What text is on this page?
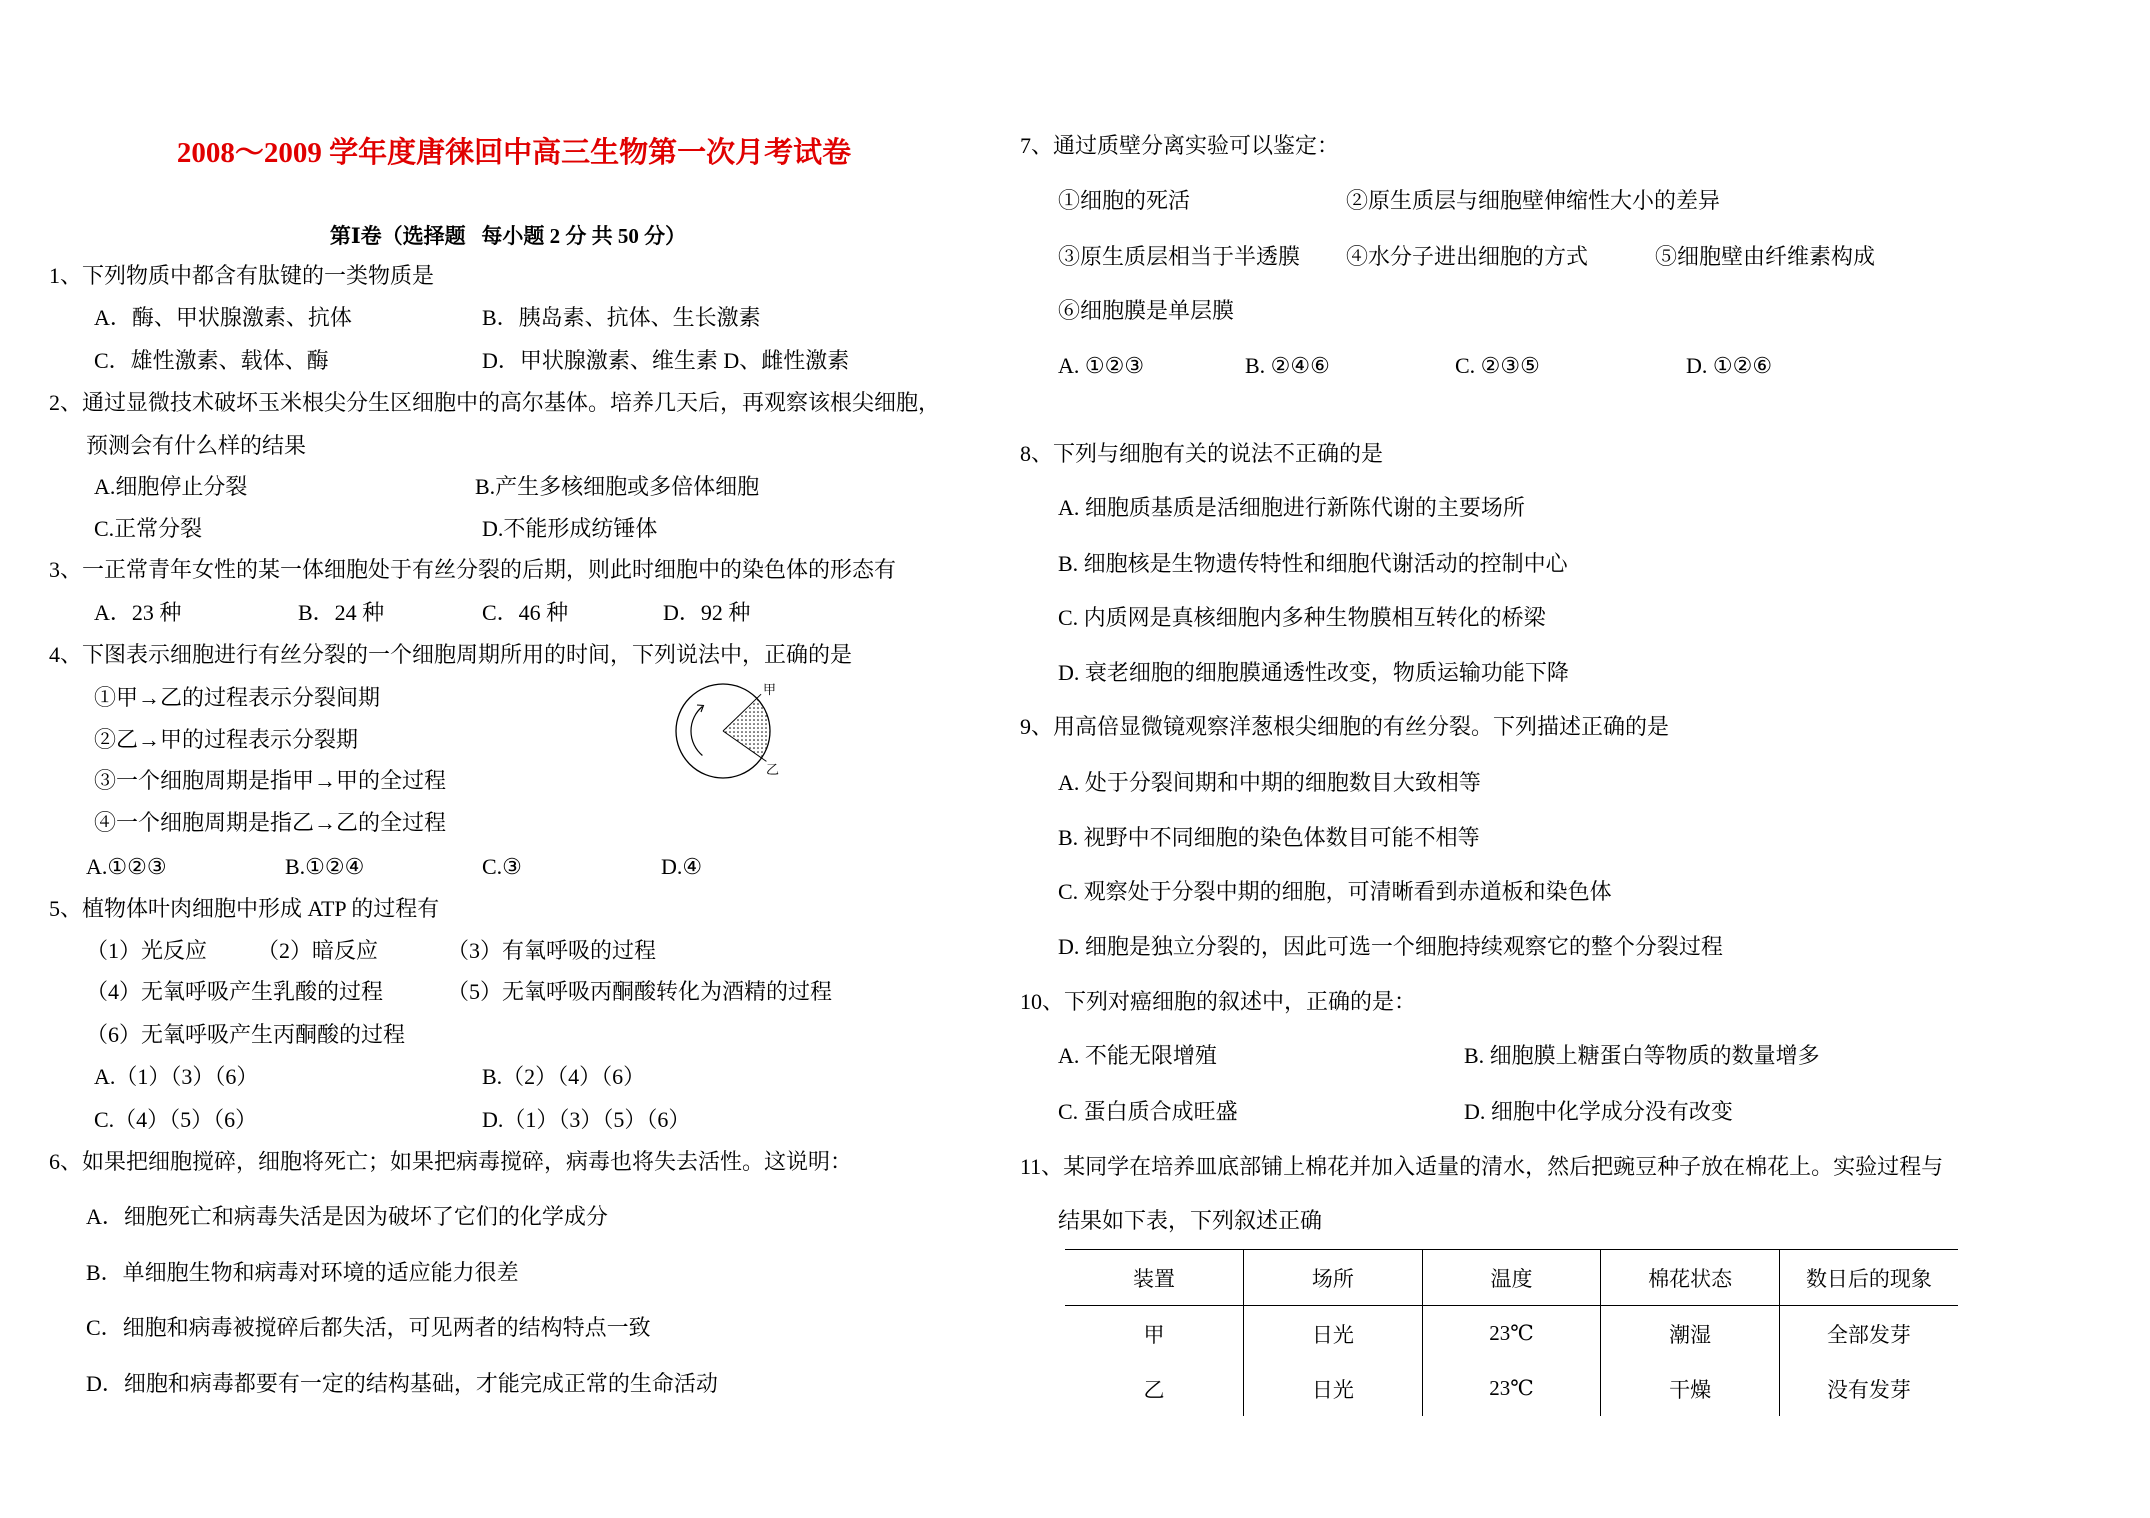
2008～2009 学年度唐徕回中高三生物第一次月考试卷
第Ⅰ卷（选择题   每小题 2 分 共 50 分）
1、下列物质中都含有肽键的一类物质是
A．酶、甲状腺激素、抗体	B．胰岛素、抗体、生长激素
C．雄性激素、载体、酶	D．甲状腺激素、维生素 D、雌性激素
2、通过显微技术破坏玉米根尖分生区细胞中的高尔基体。培养几天后，再观察该根尖细胞，
预测会有什么样的结果
A.细胞停止分裂	B.产生多核细胞或多倍体细胞
C.正常分裂	D.不能形成纺锤体
3、一正常青年女性的某一体细胞处于有丝分裂的后期，则此时细胞中的染色体的形态有
A．23 种	B．24 种	C．46 种	D．92 种
4、下图表示细胞进行有丝分裂的一个细胞周期所用的时间，下列说法中，正确的是
①甲→乙的过程表示分裂间期
②乙→甲的过程表示分裂期
③一个细胞周期是指甲→甲的全过程
④一个细胞周期是指乙→乙的全过程
A.①②③	B.①②④	C.③	D.④
甲
乙
5、植物体叶肉细胞中形成 ATP 的过程有
（1）光反应 （2）暗反应	（3）有氧呼吸的过程
（4）无氧呼吸产生乳酸的过程	（5）无氧呼吸丙酮酸转化为酒精的过程
（6）无氧呼吸产生丙酮酸的过程
A.（1）（3）（6）	B.（2）（4）（6）
C.（4）（5）（6）	D.（1）（3）（5）（6）
6、如果把细胞搅碎，细胞将死亡；如果把病毒搅碎，病毒也将失去活性。这说明：
A．细胞死亡和病毒失活是因为破坏了它们的化学成分
B．单细胞生物和病毒对环境的适应能力很差
C．细胞和病毒被搅碎后都失活，可见两者的结构特点一致
D．细胞和病毒都要有一定的结构基础，才能完成正常的生命活动
7、通过质壁分离实验可以鉴定：
①细胞的死活	②原生质层与细胞壁伸缩性大小的差异
③原生质层相当于半透膜 ④水分子进出细胞的方式	⑤细胞壁由纤维素构成
⑥细胞膜是单层膜
A. ①②③	B. ②④⑥	C. ②③⑤	D. ①②⑥
8、下列与细胞有关的说法不正确的是
A. 细胞质基质是活细胞进行新陈代谢的主要场所
B. 细胞核是生物遗传特性和细胞代谢活动的控制中心
C. 内质网是真核细胞内多种生物膜相互转化的桥梁
D. 衰老细胞的细胞膜通透性改变，物质运输功能下降
9、用高倍显微镜观察洋葱根尖细胞的有丝分裂。下列描述正确的是
A. 处于分裂间期和中期的细胞数目大致相等
B. 视野中不同细胞的染色体数目可能不相等
C. 观察处于分裂中期的细胞，可清晰看到赤道板和染色体
D. 细胞是独立分裂的，因此可选一个细胞持续观察它的整个分裂过程
10、下列对癌细胞的叙述中，正确的是：
A. 不能无限增殖	B. 细胞膜上糖蛋白等物质的数量增多
C. 蛋白质合成旺盛	D. 细胞中化学成分没有改变
11、某同学在培养皿底部铺上棉花并加入适量的清水，然后把豌豆种子放在棉花上。实验过程与
结果如下表，下列叙述正确
装置	场所	温度	棉花状态	数日后的现象
甲	日光	23℃	潮湿	全部发芽
乙	日光	23℃	干燥	没有发芽
